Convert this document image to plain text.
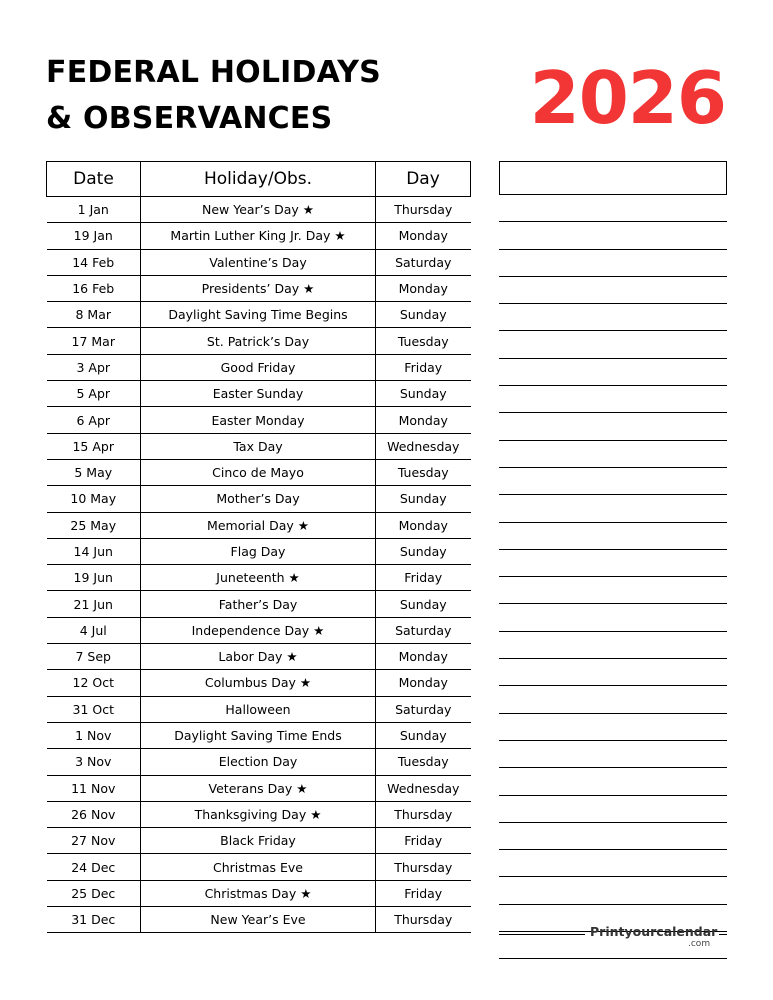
FEDERAL HOLIDAYS
& OBSERVANCES	2026
Date	Holiday/Obs.	Day
1 Jan	New Year’s Day ★	Thursday
19 Jan	Martin Luther King Jr. Day ★	Monday
14 Feb	Valentine’s Day	Saturday
16 Feb	Presidents’ Day ★	Monday
8 Mar	Daylight Saving Time Begins	Sunday
17 Mar	St. Patrick’s Day	Tuesday
3 Apr	Good Friday	Friday
5 Apr	Easter Sunday	Sunday
6 Apr	Easter Monday	Monday
15 Apr	Tax Day	Wednesday
5 May	Cinco de Mayo	Tuesday
10 May	Mother’s Day	Sunday
25 May	Memorial Day ★	Monday
14 Jun	Flag Day	Sunday
19 Jun	Juneteenth ★	Friday
21 Jun	Father’s Day	Sunday
4 Jul	Independence Day ★	Saturday
7 Sep	Labor Day ★	Monday
12 Oct	Columbus Day ★	Monday
31 Oct	Halloween	Saturday
1 Nov	Daylight Saving Time Ends	Sunday
3 Nov	Election Day	Tuesday
11 Nov	Veterans Day ★	Wednesday
26 Nov	Thanksgiving Day ★	Thursday
27 Nov	Black Friday	Friday
24 Dec	Christmas Eve	Thursday
25 Dec	Christmas Day ★	Friday
31 Dec	New Year’s Eve	Thursday
Printyourcalendar
.com
